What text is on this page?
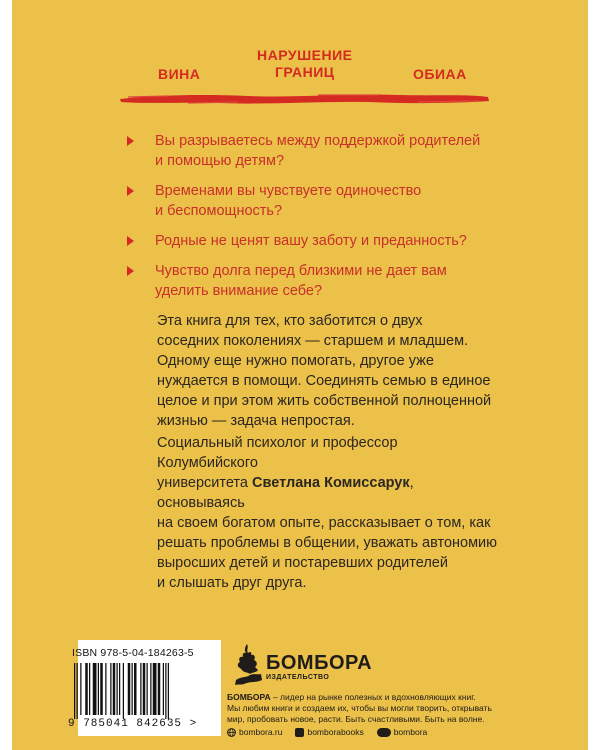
ВИНА
НАРУШЕНИЕ
ГРАНИЦ	ОБИАА
Вы разрываетесь между поддержкой родителей
и помощью детям?
Временами вы чувствуете одиночество
и беспомощность?
Родные не ценят вашу заботу и преданность?
Чувство долга перед близкими не дает вам
уделить внимание себе?
Эта книга для тех, кто заботится о двух
соседних поколениях — старшем и младшем.
Одному еще нужно помогать, другое уже
нуждается в помощи. Соединять семью в единое
целое и при этом жить собственной полноценной
жизнью — задача непростая.
Социальный психолог и профессор Колумбийского
университета Светлана Комиссарук, основываясь
на своем богатом опыте, рассказывает о том, как
решать проблемы в общении, уважать автономию
выросших детей и постаревших родителей
и слышать друг друга.
ISBN 978-5-04-184263-5
9 785041 842635 >
БОМБОРА
ИЗДАТЕЛЬСТВО
БОМБОРА – лидер на рынке полезных и вдохновляющих книг.
Мы любим книги и создаем их, чтобы вы могли творить, открывать
мир, пробовать новое, расти. Быть счастливыми. Быть на волне.
bombora.ru	bomborabooks	bombora
